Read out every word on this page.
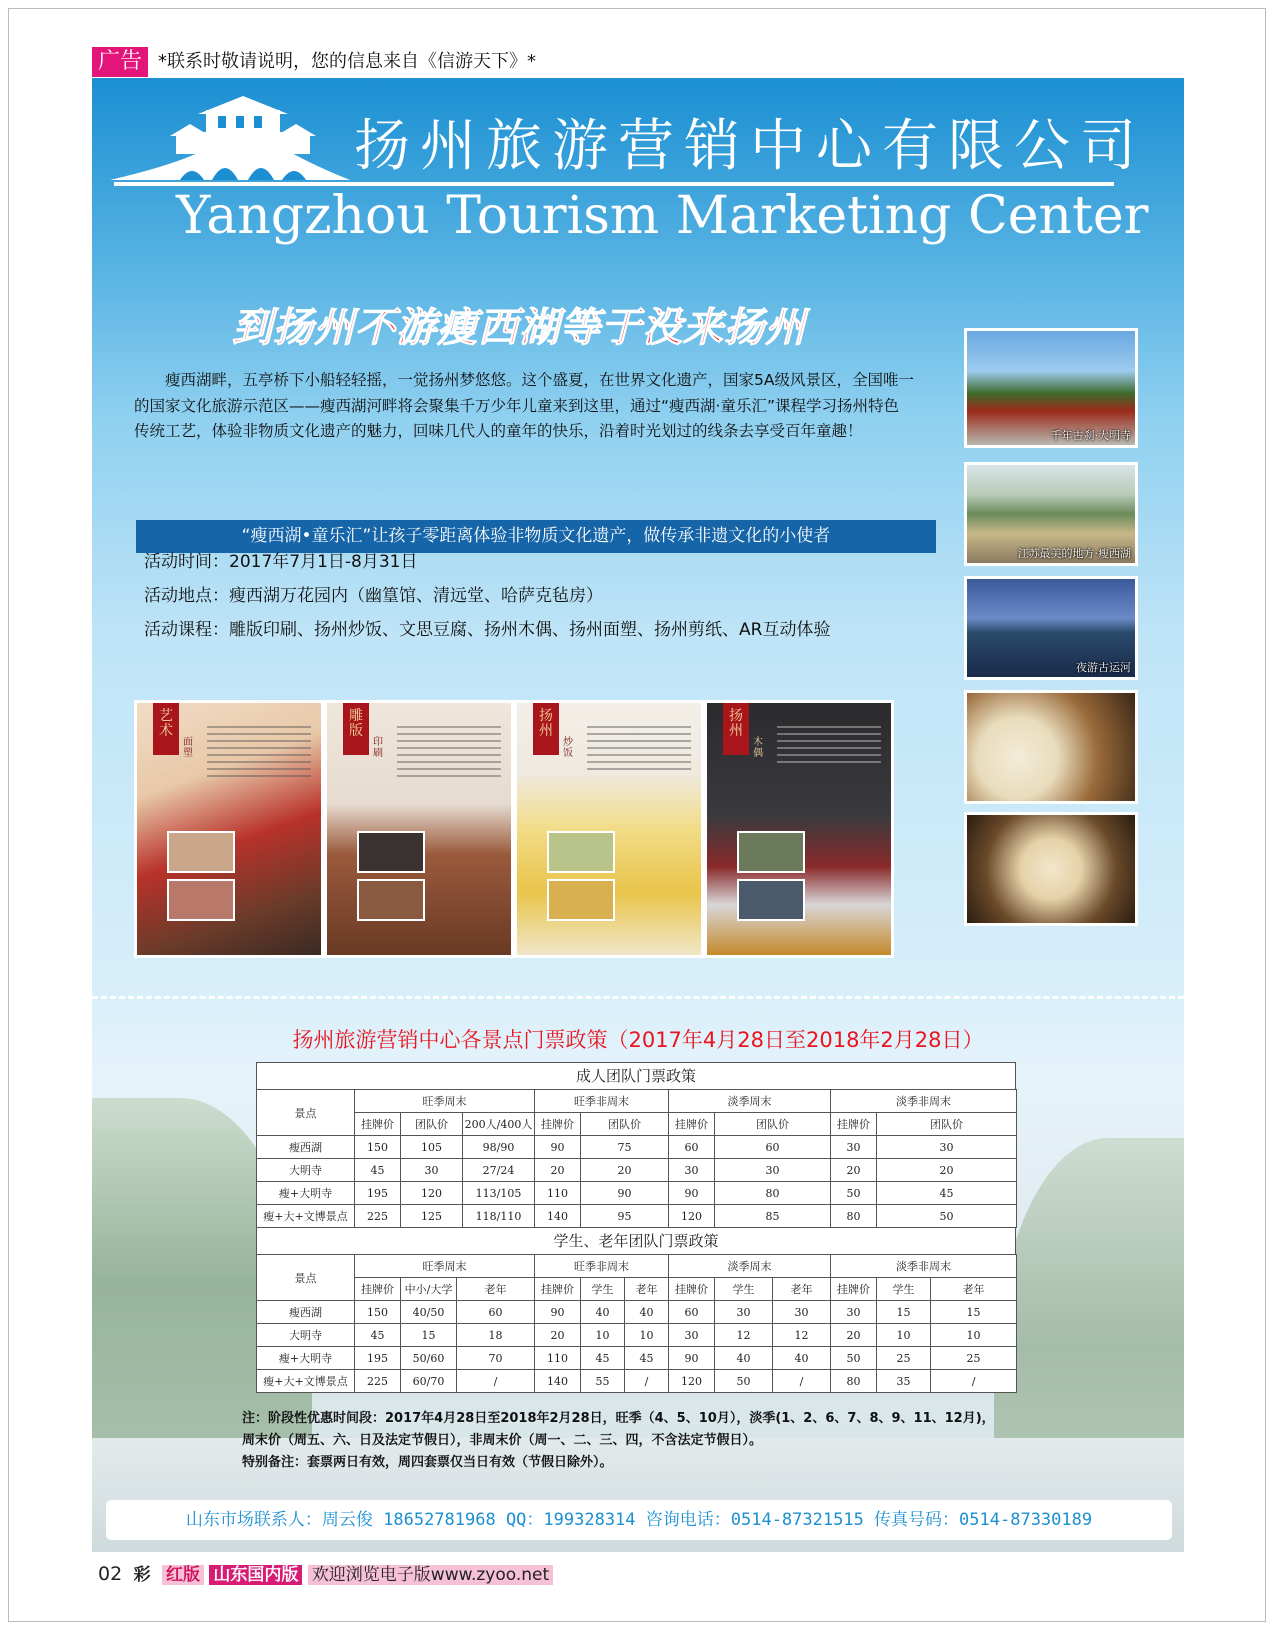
广告 *联系时敬请说明，您的信息来自《信游天下》*
扬州旅游营销中心有限公司
Yangzhou Tourism Marketing Center
到扬州不游瘦西湖等于没来扬州
瘦西湖畔，五亭桥下小船轻轻摇，一觉扬州梦悠悠。这个盛夏，在世界文化遗产，国家5A级风景区，全国唯一的国家文化旅游示范区——瘦西湖河畔将会聚集千万少年儿童来到这里，通过“瘦西湖·童乐汇”课程学习扬州特色传统工艺，体验非物质文化遗产的魅力，回味几代人的童年的快乐，沿着时光划过的线条去享受百年童趣！
“瘦西湖•童乐汇”让孩子零距离体验非物质文化遗产，做传承非遗文化的小使者
活动时间：2017年7月1日-8月31日
活动地点：瘦西湖万花园内（幽篁馆、清远堂、哈萨克毡房）
活动课程：雕版印刷、扬州炒饭、文思豆腐、扬州木偶、扬州面塑、扬州剪纸、AR互动体验
艺术
面塑
雕版
印刷
扬州
炒饭
扬州
木偶
千年古刹·大明寺
江苏最美的地方·瘦西湖
夜游古运河
扬州旅游营销中心各景点门票政策（2017年4月28日至2018年2月28日）
成人团队门票政策
景点	旺季周末			旺季非周末		淡季周末		淡季非周末	
	挂牌价	团队价	200人/400人	挂牌价	团队价	挂牌价	团队价	挂牌价	团队价
瘦西湖	150	105	98/90	90	75	60	60	30	30
大明寺	45	30	27/24	20	20	30	30	20	20
瘦+大明寺	195	120	113/105	110	90	90	80	50	45
瘦+大+文博景点	225	125	118/110	140	95	120	85	80	50
学生、老年团队门票政策
景点	旺季周末			旺季非周末			淡季周末			淡季非周末		
	挂牌价	中小/大学	老年	挂牌价	学生	老年	挂牌价	学生	老年	挂牌价	学生	老年
瘦西湖	150	40/50	60	90	40	40	60	30	30	30	15	15
大明寺	45	15	18	20	10	10	30	12	12	20	10	10
瘦+大明寺	195	50/60	70	110	45	45	90	40	40	50	25	25
瘦+大+文博景点	225	60/70	/	140	55	/	120	50	/	80	35	/
注：阶段性优惠时间段：2017年4月28日至2018年2月28日，旺季（4、5、10月），淡季(1、2、6、7、8、9、11、12月)，
周末价（周五、六、日及法定节假日），非周末价（周一、二、三、四，不含法定节假日）。
特别备注：套票两日有效，周四套票仅当日有效（节假日除外）。
山东市场联系人：周云俊 18652781968 QQ：199328314 咨询电话：0514-87321515 传真号码：0514-87330189
02 彩 红版 山东国内版 欢迎浏览电子版www.zyoo.net
